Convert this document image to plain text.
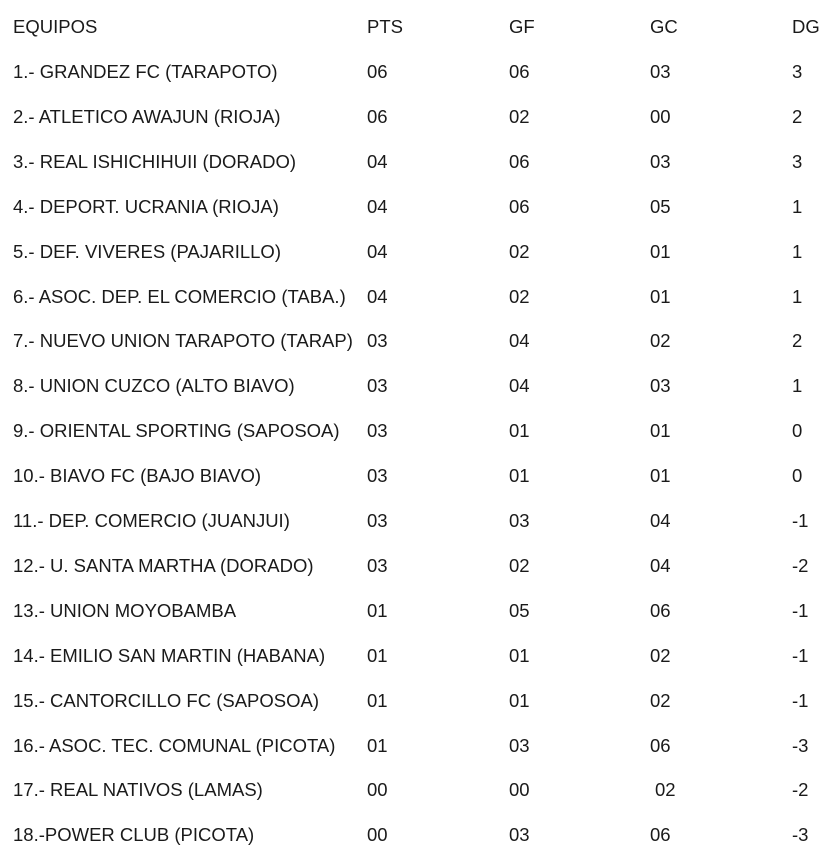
EQUIPOS	PTS	GF	GC	DG
1.- GRANDEZ FC (TARAPOTO)	06	06	03	3
2.- ATLETICO AWAJUN (RIOJA)	06	02	00	2
3.- REAL ISHICHIHUII (DORADO)	04	06	03	3
4.- DEPORT. UCRANIA (RIOJA)	04	06	05	1
5.- DEF. VIVERES (PAJARILLO)	04	02	01	1
6.- ASOC. DEP. EL COMERCIO (TABA.) 04	02	01	1
7.- NUEVO UNION TARAPOTO (TARAP) 03	04	02	2
8.- UNION CUZCO (ALTO BIAVO)	03	04	03	1
9.- ORIENTAL SPORTING (SAPOSOA) 03	01	01	0
10.- BIAVO FC (BAJO BIAVO)	03	01	01	0
11.- DEP. COMERCIO (JUANJUI)	03	03	04	-1
12.- U. SANTA MARTHA (DORADO)	03	02	04	-2
13.- UNION MOYOBAMBA	01	05	06	-1
14.- EMILIO SAN MARTIN (HABANA) 01	01	02	-1
15.- CANTORCILLO FC (SAPOSOA)	01	01	02	-1
16.- ASOC. TEC. COMUNAL (PICOTA) 01	03	06	-3
17.- REAL NATIVOS (LAMAS)	00	00	02	-2
18.-POWER CLUB (PICOTA)	00	03	06	-3
